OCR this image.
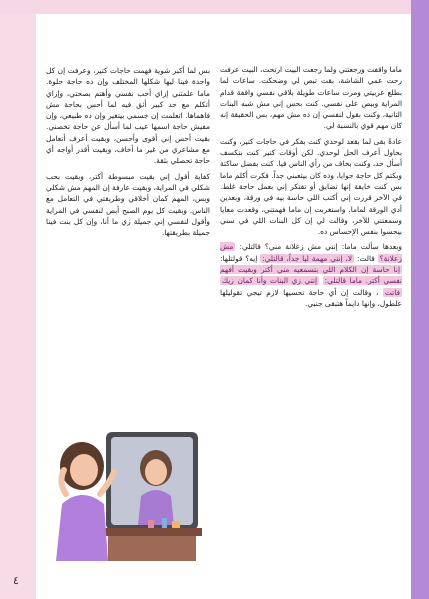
ماما واقفت ورجعتني ولما رجعت البيت ارتحت، البيت عرفت رحت عمي الشاشة، بقت تبص لي وضحكت. ساعات لما بطلع عربيتي ومرت ساعات طويلة بلاقي نفسي واقفة قدام المراية وببص على نفسي. كنت بحس إني مش شبه البنات التانية، وكنت بقول لنفسي إن ده مش مهم، بس الحقيقة إنه كان مهم قوي بالنسبة لي.

عادةً بقى لما بقعد لوحدي كنت بفكر في حاجات كتير، وكنت بحاول أعرف الحل لوحدي. لكن أوقات كتير كنت بتكسف أسأل حد، وكنت بخاف من رأي الناس فيا. كنت بفضل ساكتة وبكتم كل حاجة جوايا، وده كان بيتعبني جداً. فكرت أكلم ماما بس كنت خايفة إنها تضايق أو تفتكر إني بعمل حاجة غلط. في الآخر قررت إني أكتب اللي حاسة بيه في ورقة، وبعدين أدي الورقة لماما. واستغربت إن ماما فهمتني، وقعدت معايا وسمعتني للآخر، وقالت لي إن كل البنات اللي في سني بيحسوا بنفس الإحساس ده.

وبعدها سألت ماما: إنتي مش زعلانة مني؟ قالتلي: مش زعلانة؟ قالت: لا، إنتي مهمة ليا جداً، قالتلي: إيه؟ قولتلها: إنا حاسة إن الكلام اللي بتسمعيه مني أكتر وبقيت أفهم نفسي أكتر. ماما قالتلي: إنتي زي البنات وأنا كمان زيك فاتت ، وقالت إن أي حاجة تحسيها لازم تيجي تقوليلها علطول، وإنها دايماً هتبقى جنبي.

بس لما أكبر شوية فهمت حاجات كتير، وعرفت إن كل واحدة فينا ليها شكلها المختلف وإن ده حاجة حلوة. ماما علمتني إزاي أحب نفسي وأهتم بصحتي، وإزاي أتكلم مع حد كبير أثق فيه لما أحس بحاجة مش فاهماها. اتعلمت إن جسمي بيتغير وإن ده طبيعي، وإن مفيش حاجة اسمها عيب لما أسأل عن حاجة تخصني. بقيت أحس إني أقوى وأحسن، وبقيت أعرف أتعامل مع مشاعري من غير ما أخاف، وبقيت أقدر أواجه أي حاجة تحصلي بثقة.

كفاية أقول إني بقيت مبسوطة أكتر، وبقيت بحب شكلي في المراية، وبقيت عارفة إن المهم مش شكلي وبس، المهم كمان أخلاقي وطريقتي في التعامل مع الناس. وبقيت كل يوم الصبح أبص لنفسي في المراية وأقول لنفسي إني جميلة زي ما أنا، وإن كل بنت فينا جميلة بطريقتها.

٤
